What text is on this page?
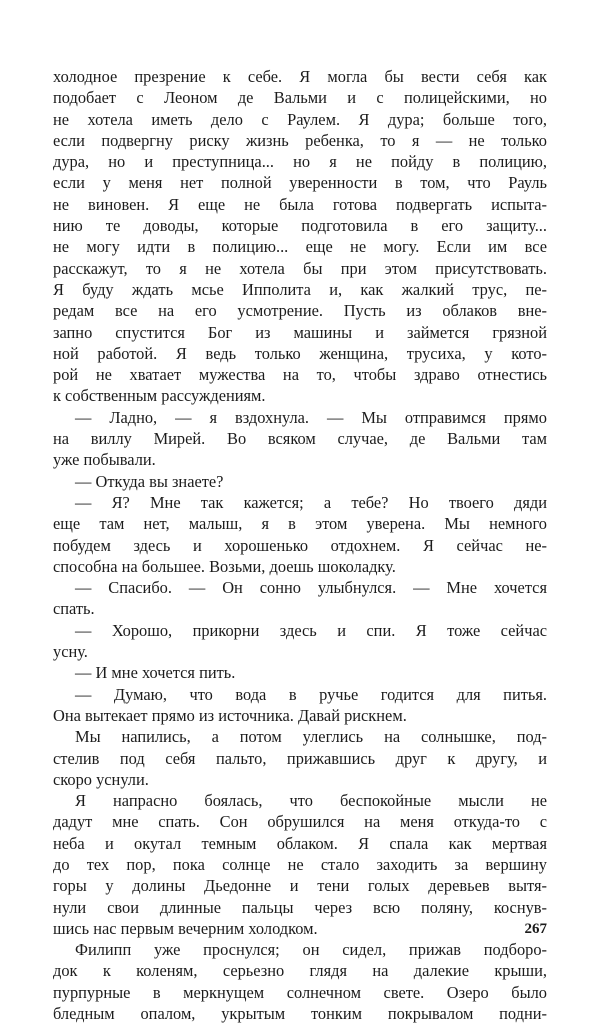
холодное презрение к себе. Я могла бы вести себя как
подобает с Леоном де Вальми и с полицейскими, но
не хотела иметь дело с Раулем. Я дура; больше того,
если подвергну риску жизнь ребенка, то я — не только
дура, но и преступница... но я не пойду в полицию,
если у меня нет полной уверенности в том, что Рауль
не виновен. Я еще не была готова подвергать испыта-
нию те доводы, которые подготовила в его защиту...
не могу идти в полицию... еще не могу. Если им все
расскажут, то я не хотела бы при этом присутствовать.
Я буду ждать мсье Ипполита и, как жалкий трус, пе-
редам все на его усмотрение. Пусть из облаков вне-
запно спустится Бог из машины и займется грязной
ной работой. Я ведь только женщина, трусиха, у кото-
рой не хватает мужества на то, чтобы здраво отнестись
к собственным рассуждениям.
— Ладно, — я вздохнула. — Мы отправимся прямо
на виллу Мирей. Во всяком случае, де Вальми там
уже побывали.
— Откуда вы знаете?
— Я? Мне так кажется; а тебе? Но твоего дяди
еще там нет, малыш, я в этом уверена. Мы немного
побудем здесь и хорошенько отдохнем. Я сейчас не-
способна на большее. Возьми, доешь шоколадку.
— Спасибо. — Он сонно улыбнулся. — Мне хочется
спать.
— Хорошо, прикорни здесь и спи. Я тоже сейчас
усну.
— И мне хочется пить.
— Думаю, что вода в ручье годится для питья.
Она вытекает прямо из источника. Давай рискнем.
Мы напились, а потом улеглись на солнышке, под-
стелив под себя пальто, прижавшись друг к другу, и
скоро уснули.
Я напрасно боялась, что беспокойные мысли не
дадут мне спать. Сон обрушился на меня откуда-то с
неба и окутал темным облаком. Я спала как мертвая
до тех пор, пока солнце не стало заходить за вершину
горы у долины Дьедонне и тени голых деревьев вытя-
нули свои длинные пальцы через всю поляну, коснув-
шись нас первым вечерним холодком.
Филипп уже проснулся; он сидел, прижав подборо-
док к коленям, серьезно глядя на далекие крыши,
пурпурные в меркнущем солнечном свете. Озеро было
бледным опалом, укрытым тонким покрывалом подни-
267
